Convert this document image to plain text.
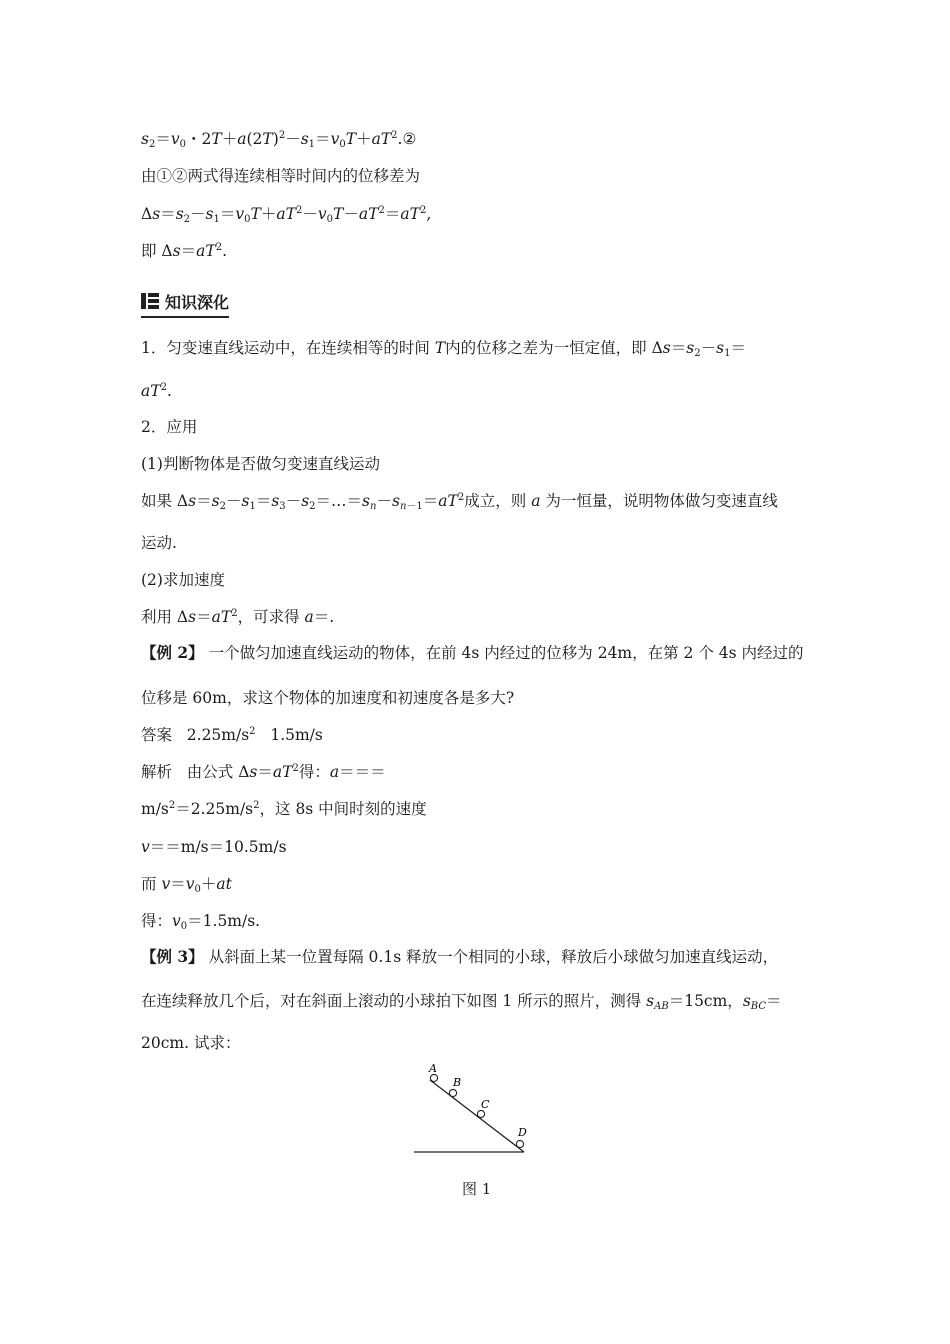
$s_2=v_0$・$2T+a(2T)^2-s_1=v_0T+aT^2.②$
由①②两式得连续相等时间内的位移差为
$\Delta s=s_2-s_1=v_0T+aT^2-v_0T-aT^2=aT^2$,
即 $\Delta s=aT^2$.
知识深化
1．匀变速直线运动中，在连续相等的时间 T内的位移之差为一恒定值，即 $\Delta s=s_2-s_1=$
$aT^2$.
2．应用
(1)判断物体是否做匀变速直线运动
如果 $\Delta s=s_2-s_1=s_3-s_2=\dots=s_n-s_{n-1}=aT^2$成立，则 a 为一恒量，说明物体做匀变速直线
运动.
(2)求加速度
利用 $\Delta s=aT^2$，可求得 a＝.
【例 2】 一个做匀加速直线运动的物体，在前 4s 内经过的位移为 24m，在第 2 个 4s 内经过的
位移是 60m，求这个物体的加速度和初速度各是多大?
答案   $2.25m/s^2$   1.5m/s
解析   由公式 $\Delta s=aT^2$得：a＝＝＝
$m/s^2=2.25m/s^2$，这 8s 中间时刻的速度
v＝＝m/s＝10.5m/s
而 $v=v_0+at$
得：$v_0=1.5m/s$.
【例 3】 从斜面上某一位置每隔 0.1s 释放一个相同的小球，释放后小球做匀加速直线运动，
在连续释放几个后，对在斜面上滚动的小球拍下如图 1 所示的照片，测得 $s_{AB}=15cm$，$s_{BC}=$
20cm. 试求：
A
B
C
D
图 1
